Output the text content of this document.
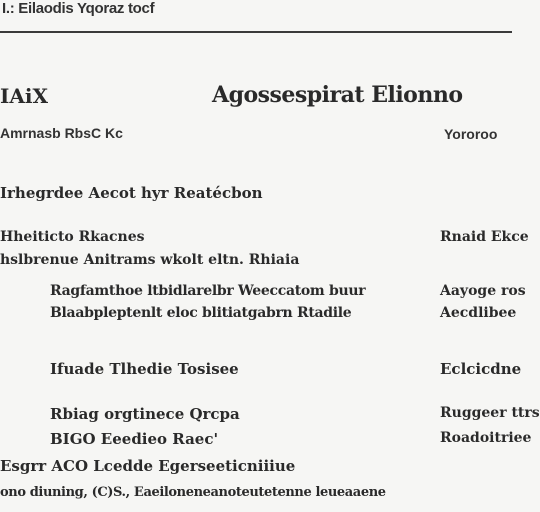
I.: Eilaodis Yqoraz tocf
IAiX	Agossespirat Elionno
Amrnasb RbsC Kc	Yororoo
Irhegrdee Aecot hyr Reatécbon
Hheiticto Rkacnes	Rnaid Ekce
hslbrenue Anitrams wkolt eltn. Rhiaia
Ragfamthoe ltbidlarelbr Weeccatom buur	Aayoge ros
Blaabpleptenlt eloc blitiatgabrn Rtadile	Aecdlibee
Ifuade Tlhedie Tosisee	Eclcicdne
Rbiag orgtinece Qrcpa	Ruggeer ttrs
BIGO Eeedieo Raec'	Roadoitriee
Esgrr ACO Lcedde Egerseeticniiiue
ono diuning, (C)S., Eaeiloneneanoteutetenne leueaaene
